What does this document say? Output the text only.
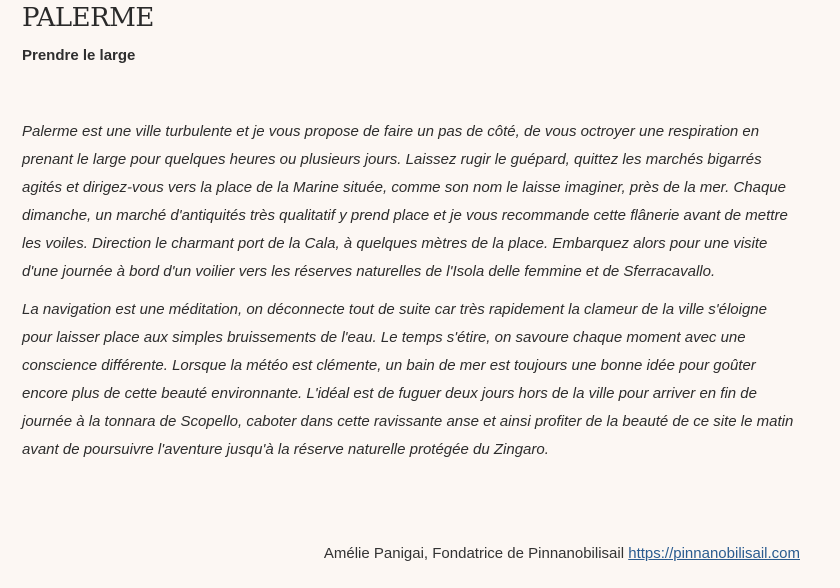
PALERME
Prendre le large

Palerme est une ville turbulente et je vous propose de faire un pas de côté, de vous octroyer une respiration en prenant le large pour quelques heures ou plusieurs jours. Laissez rugir le guépard, quittez les marchés bigarrés agités et dirigez-vous vers la place de la Marine située, comme son nom le laisse imaginer, près de la mer. Chaque dimanche, un marché d'antiquités très qualitatif y prend place et je vous recommande cette flânerie avant de mettre les voiles. Direction le charmant port de la Cala, à quelques mètres de la place. Embarquez alors pour une visite d'une journée à bord d'un voilier vers les réserves naturelles de l'Isola delle femmine et de Sferracavallo.

La navigation est une méditation, on déconnecte tout de suite car très rapidement la clameur de la ville s'éloigne pour laisser place aux simples bruissements de l'eau. Le temps s'étire, on savoure chaque moment avec une conscience différente. Lorsque la météo est clémente, un bain de mer est toujours une bonne idée pour goûter encore plus de cette beauté environnante. L'idéal est de fuguer deux jours hors de la ville pour arriver en fin de journée à la tonnara de Scopello, caboter dans cette ravissante anse et ainsi profiter de la beauté de ce site le matin avant de poursuivre l'aventure jusqu'à la réserve naturelle protégée du Zingaro.

Amélie Panigai, Fondatrice de Pinnanobilisail https://pinnanobilisail.com
